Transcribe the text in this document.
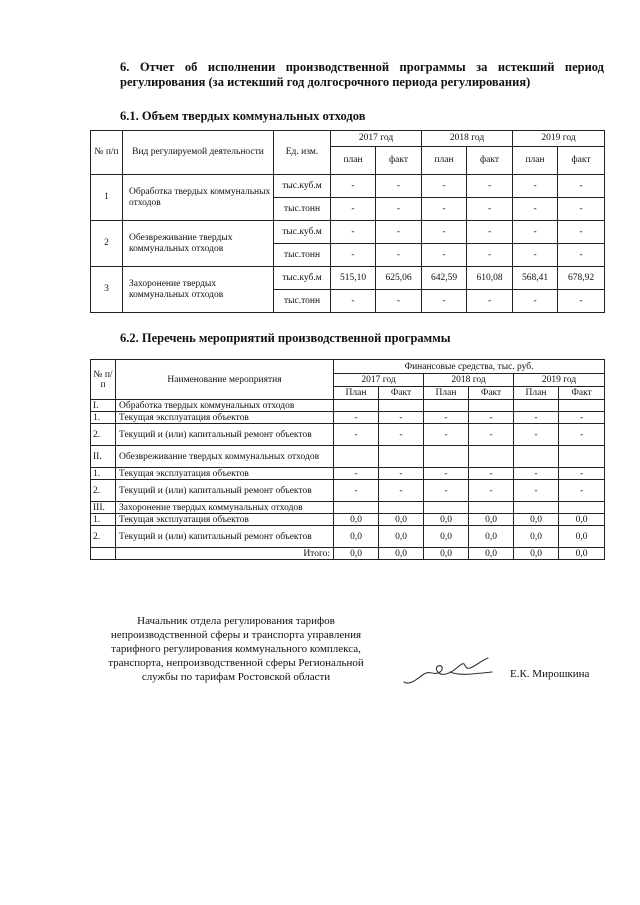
6. Отчет об исполнении производственной программы за истекший период регулирования (за истекший год долгосрочного периода регулирования)
6.1. Объем твердых коммунальных отходов
№ п/п	Вид регулируемой деятельности	Ед. изм.	2017 год		2018 год		2019 год	
			план	факт	план	факт	план	факт
1	Обработка твердых коммунальных отходов	тыс.куб.м	-	-	-	-	-	-
		тыс.тонн	-	-	-	-	-	-
2	Обезвреживание твердых коммунальных отходов	тыс.куб.м	-	-	-	-	-	-
		тыс.тонн	-	-	-	-	-	-
3	Захоронение твердых коммунальных отходов	тыс.куб.м	515,10	625,06	642,59	610,08	568,41	678,92
		тыс.тонн	-	-	-	-	-	-
6.2. Перечень мероприятий производственной программы
№ п/п	Наименование мероприятия	Финансовые средства, тыс. руб.					
		2017 год		2018 год		2019 год	
		План	Факт	План	Факт	План	Факт
I.	Обработка твердых коммунальных отходов						
1.	Текущая эксплуатация объектов	-	-	-	-	-	-
2.	Текущий и (или) капитальный ремонт объектов	-	-	-	-	-	-
II.	Обезвреживание твердых коммунальных отходов						
1.	Текущая эксплуатация объектов	-	-	-	-	-	-
2.	Текущий и (или) капитальный ремонт объектов	-	-	-	-	-	-
III.	Захоронение твердых коммунальных отходов						
1.	Текущая эксплуатация объектов	0,0	0,0	0,0	0,0	0,0	0,0
2.	Текущий и (или) капитальный ремонт объектов	0,0	0,0	0,0	0,0	0,0	0,0
	Итого:	0,0	0,0	0,0	0,0	0,0	0,0
Начальник отдела регулирования тарифов
непроизводственной сферы и транспорта управления
тарифного регулирования коммунального комплекса,
транспорта, непроизводственной сферы Региональной
службы по тарифам Ростовской области	Е.К. Мирошкина
